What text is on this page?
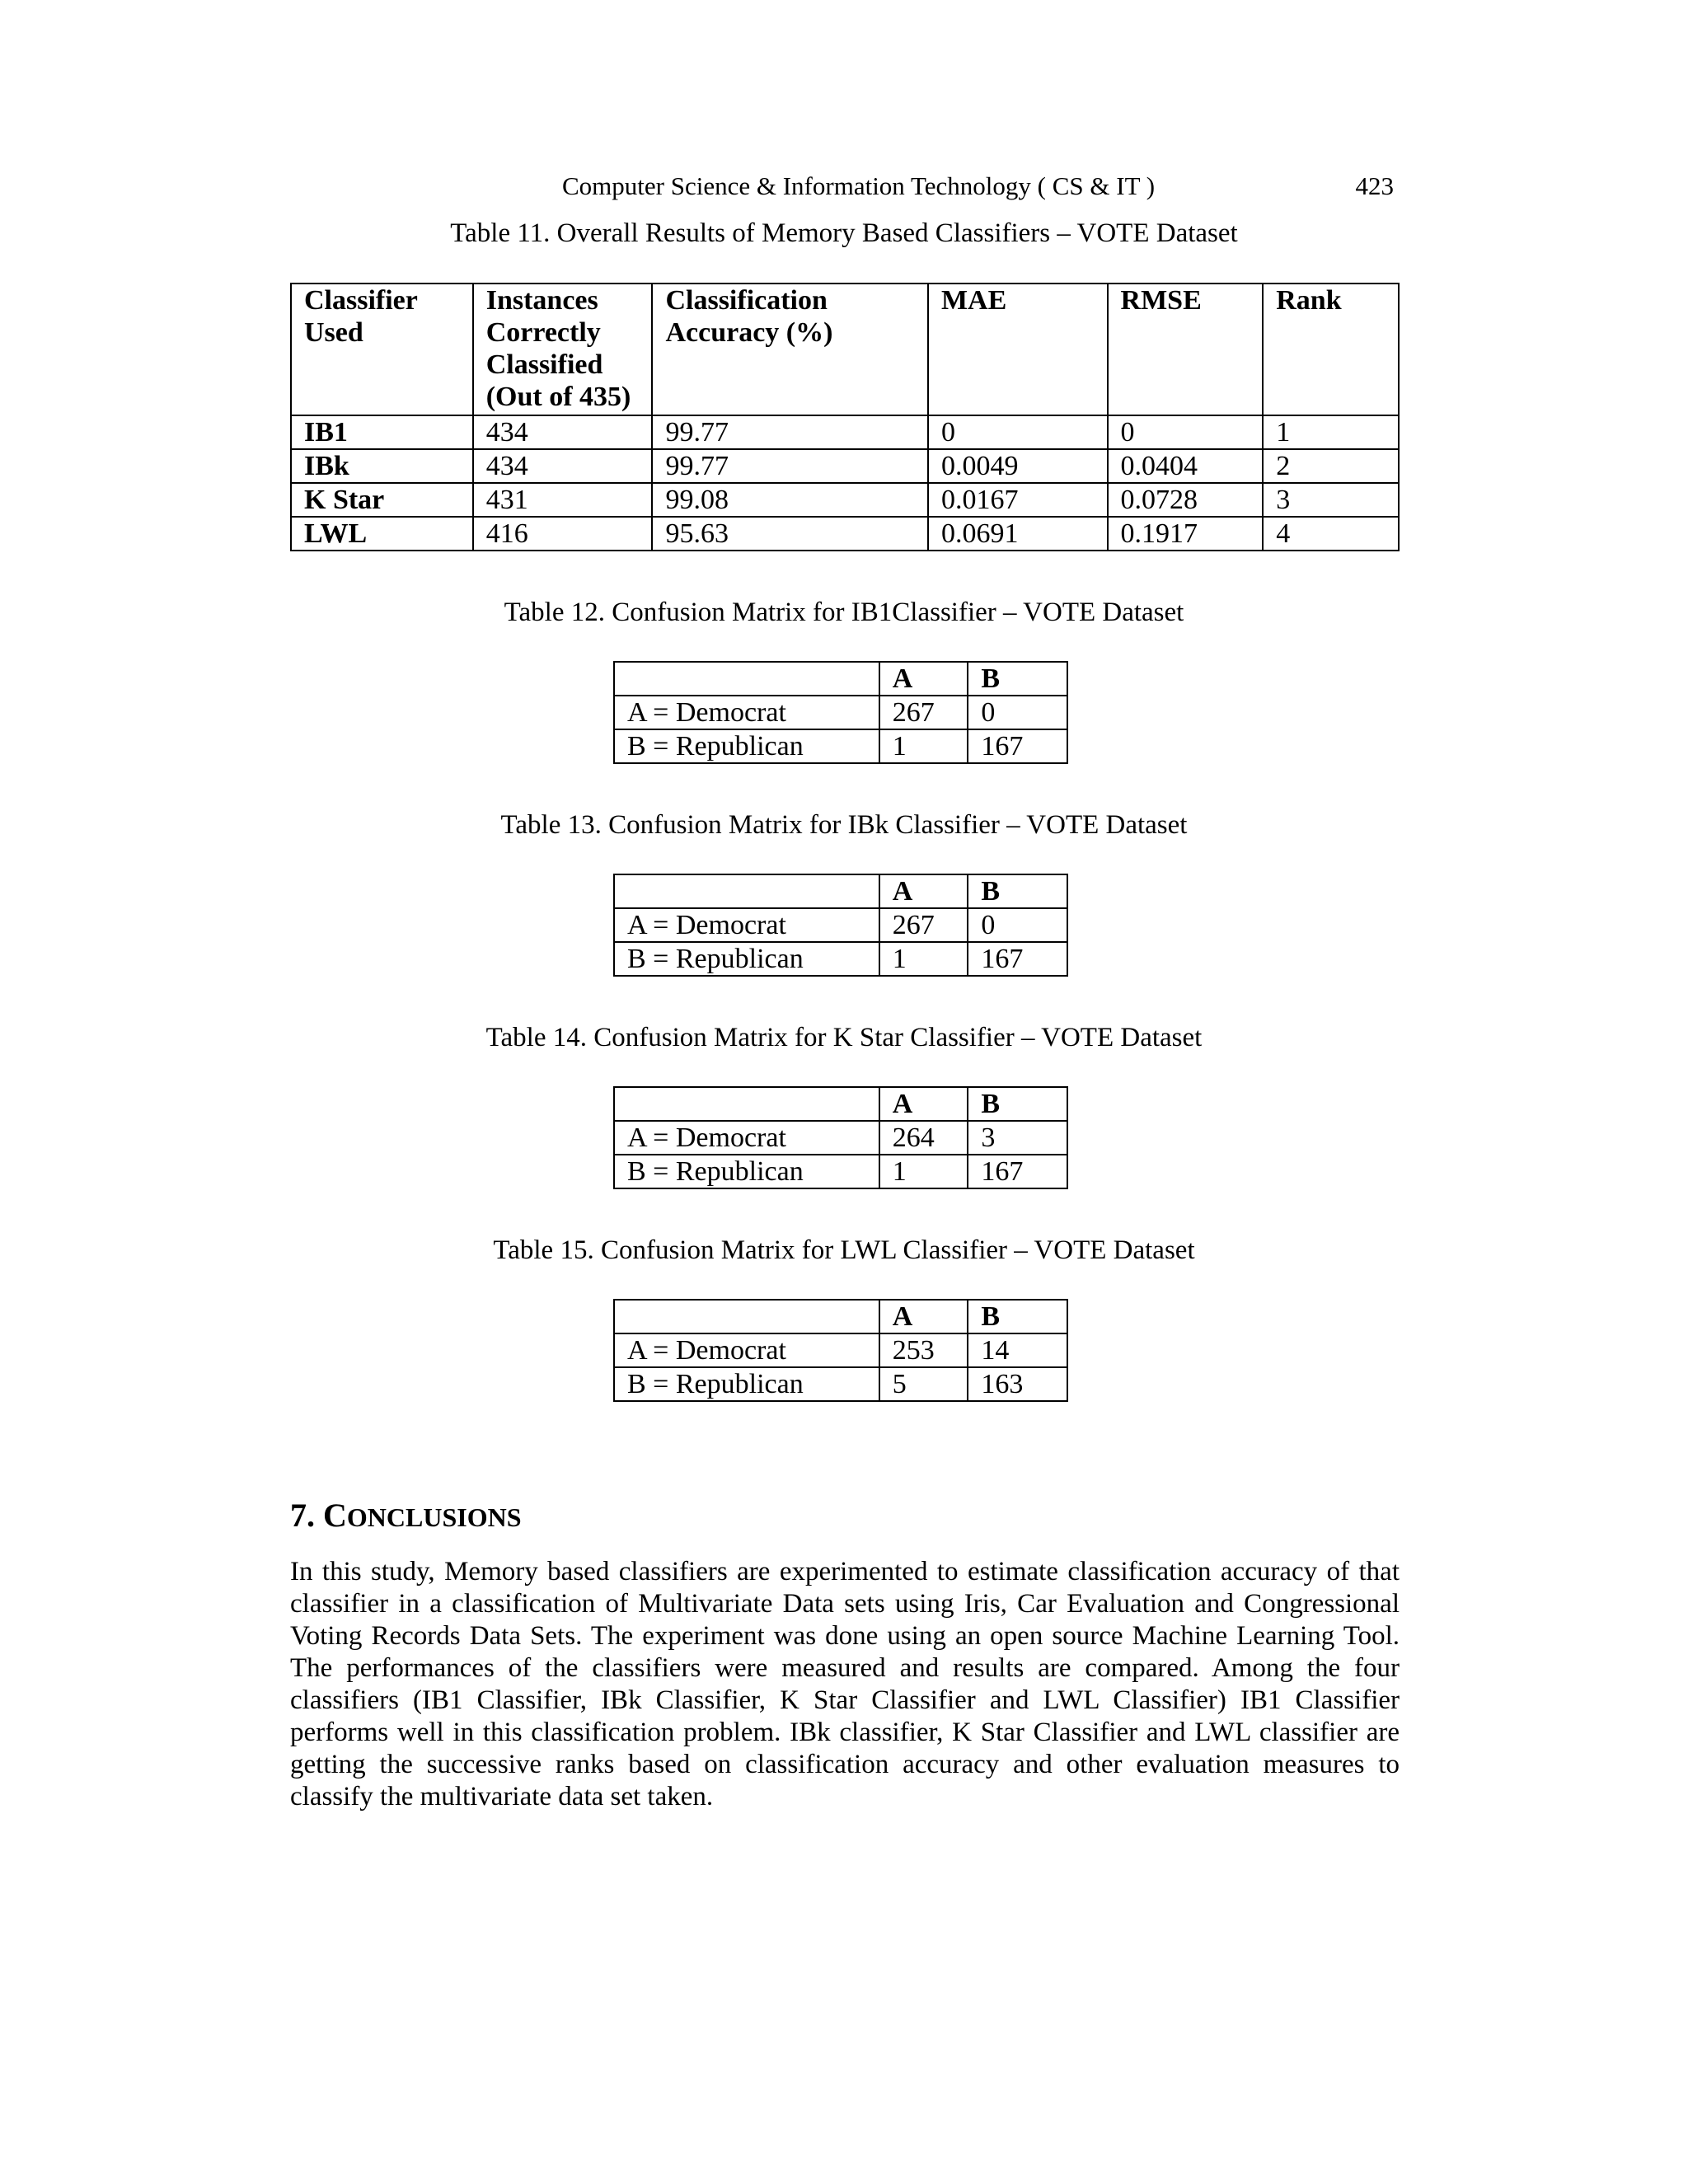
Computer Science & Information Technology ( CS & IT )	423
Table 11. Overall Results of Memory Based Classifiers – VOTE Dataset
Classifier Used	Instances Correctly Classified (Out of 435)	Classification Accuracy (%)	MAE	RMSE	Rank
IB1	434	99.77	0	0	1
IBk	434	99.77	0.0049	0.0404	2
K Star	431	99.08	0.0167	0.0728	3
LWL	416	95.63	0.0691	0.1917	4
Table 12. Confusion Matrix for IB1Classifier – VOTE Dataset
	A	B
A = Democrat	267	0
B = Republican	1	167
Table 13. Confusion Matrix for IBk Classifier – VOTE Dataset
	A	B
A = Democrat	267	0
B = Republican	1	167
Table 14. Confusion Matrix for K Star Classifier – VOTE Dataset
	A	B
A = Democrat	264	3
B = Republican	1	167
Table 15. Confusion Matrix for LWL Classifier – VOTE Dataset
	A	B
A = Democrat	253	14
B = Republican	5	163
7. CONCLUSIONS
In this study, Memory based classifiers are experimented to estimate classification accuracy of that classifier in a classification of Multivariate Data sets using Iris, Car Evaluation and Congressional Voting Records Data Sets. The experiment was done using an open source Machine Learning Tool. The performances of the classifiers were measured and results are compared. Among the four classifiers (IB1 Classifier, IBk Classifier, K Star Classifier and LWL Classifier) IB1 Classifier performs well in this classification problem. IBk classifier, K Star Classifier and LWL classifier are getting the successive ranks based on classification accuracy and other evaluation measures to classify the multivariate data set taken.
